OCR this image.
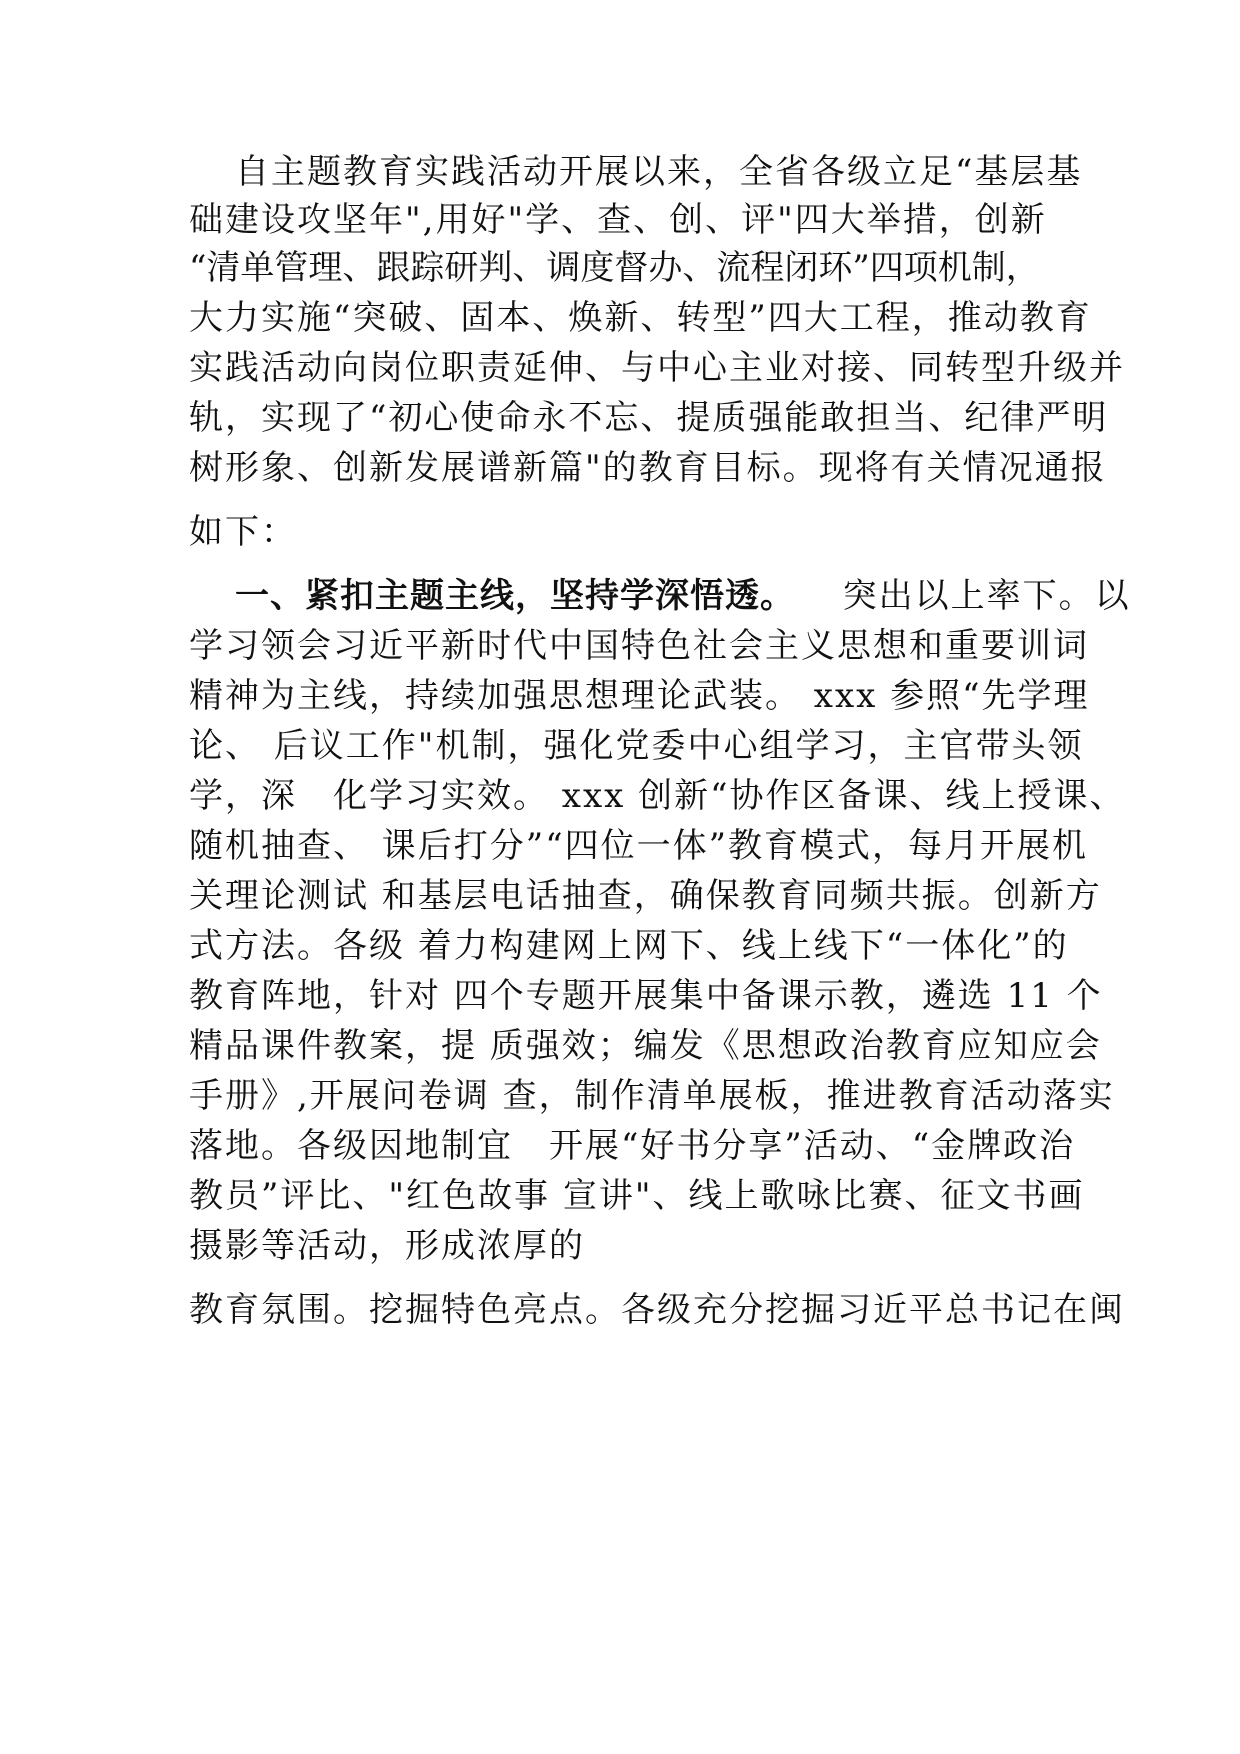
自主题教育实践活动开展以来，全省各级立足“基层基
础建设攻坚年",用好"学、查、创、评"四大举措，创新
“清单管理、跟踪研判、调度督办、流程闭环”四项机制，
大力实施“突破、固本、焕新、转型”四大工程，推动教育
实践活动向岗位职责延伸、与中心主业对接、同转型升级并
轨，实现了“初心使命永不忘、提质强能敢担当、纪律严明
树形象、创新发展谱新篇"的教育目标。现将有关情况通报
如下：
一、紧扣主题主线，坚持学深悟透。 突出以上率下。以
学习领会习近平新时代中国特色社会主义思想和重要训词
精神为主线，持续加强思想理论武装。 xxx 参照“先学理
论、 后议工作"机制，强化党委中心组学习，主官带头领
学，深　化学习实效。 xxx 创新“协作区备课、线上授课、
随机抽查、 课后打分”“四位一体”教育模式，每月开展机
关理论测试 和基层电话抽查，确保教育同频共振。创新方
式方法。各级 着力构建网上网下、线上线下“一体化”的
教育阵地，针对 四个专题开展集中备课示教，遴选 11 个
精品课件教案，提 质强效；编发《思想政治教育应知应会
手册》,开展问卷调 查，制作清单展板，推进教育活动落实
落地。各级因地制宜　开展“好书分享”活动、“金牌政治
教员”评比、"红色故事 宣讲"、线上歌咏比赛、征文书画
摄影等活动，形成浓厚的
教育氛围。挖掘特色亮点。各级充分挖掘习近平总书记在闽
